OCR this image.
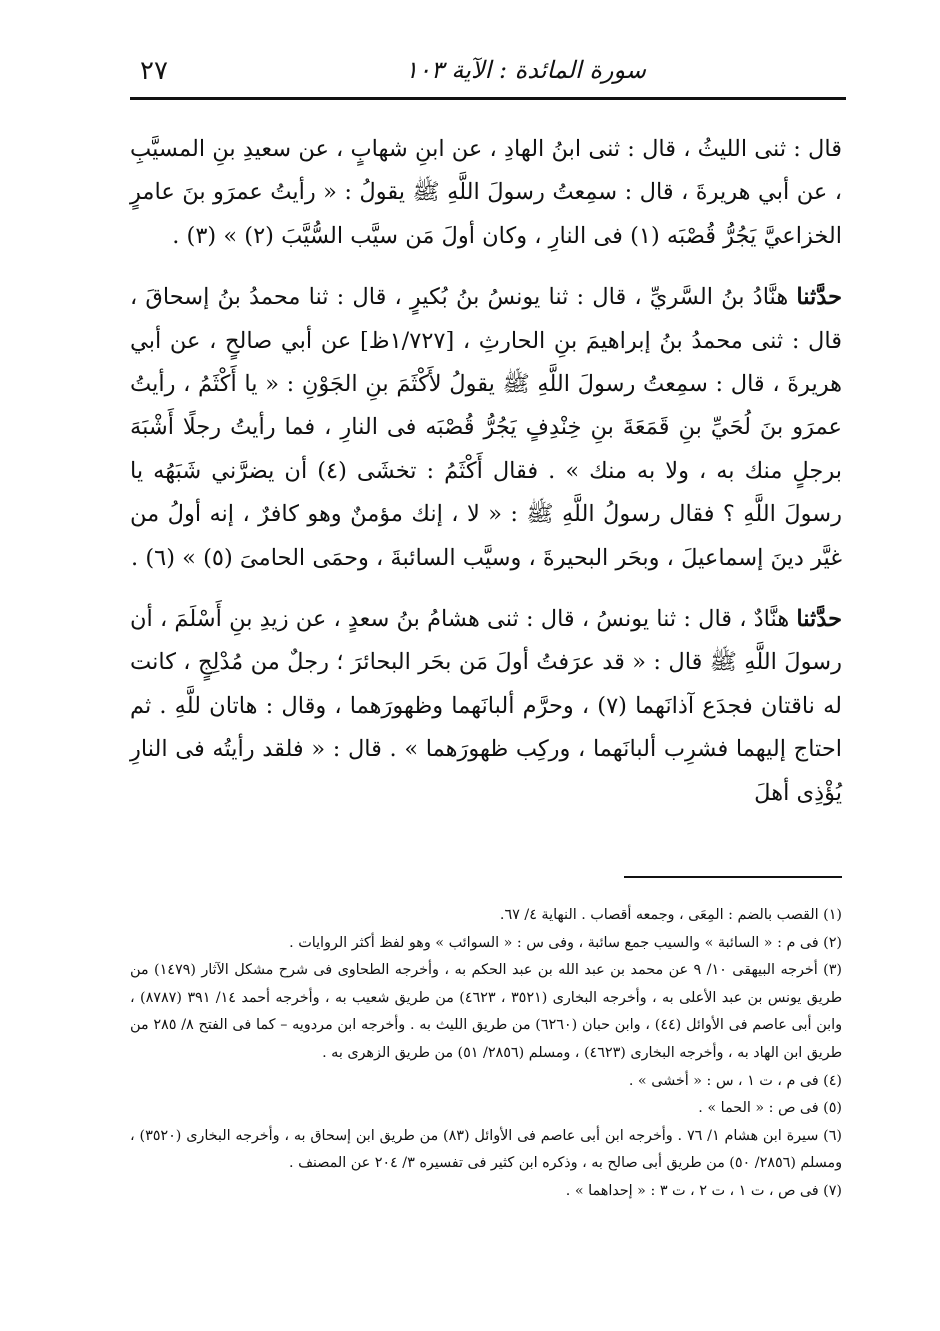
سورة المائدة : الآية ١٠٣
٢٧

قال : ثنى الليثُ ، قال : ثنى ابنُ الهادِ ، عن ابنِ شهابٍ ، عن سعيدِ بنِ المسيَّبِ ، عن أبي هريرةَ ، قال : سمِعتُ رسولَ اللَّهِ ﷺ يقولُ : « رأيتُ عمرَو بنَ عامرٍ الخزاعيَّ يَجُرُّ قُصْبَه (١) فى النارِ ، وكان أولَ مَن سيَّب السُّيَّبَ (٢) » (٣) .

حدَّثنا هنَّادُ بنُ السَّريِّ ، قال : ثنا يونسُ بنُ بُكيرٍ ، قال : ثنا محمدُ بنُ إسحاقَ ، قال : ثنى محمدُ بنُ إبراهيمَ بنِ الحارثِ ، [١/٧٢٧ظ] عن أبي صالحٍ ، عن أبي هريرةَ ، قال : سمِعتُ رسولَ اللَّهِ ﷺ يقولُ لأَكْثَمَ بنِ الجَوْنِ : « يا أَكْثَمُ ، رأيتُ عمرَو بنَ لُحَيِّ بنِ قَمَعَةَ بنِ خِنْدِفٍ يَجُرُّ قُصْبَه فى النارِ ، فما رأيتُ رجلًا أَشْبَهَ برجلٍ منك به ، ولا به منك » . فقال أَكْثَمُ : تخشَى (٤) أن يضرَّني شَبَهُه يا رسولَ اللَّهِ ؟ فقال رسولُ اللَّهِ ﷺ : « لا ، إنك مؤمنٌ وهو كافرٌ ، إنه أولُ من غيَّر دينَ إسماعيلَ ، وبحَر البحيرةَ ، وسيَّب السائبةَ ، وحمَى الحامىَ (٥) » (٦) .

حدَّثنا هنَّادٌ ، قال : ثنا يونسُ ، قال : ثنى هشامُ بنُ سعدٍ ، عن زيدِ بنِ أَسْلَمَ ، أن رسولَ اللَّهِ ﷺ قال : « قد عرَفتُ أولَ مَن بحَر البحائرَ ؛ رجلٌ من مُدْلِجٍ ، كانت له ناقتان فجدَع آذانَهما (٧) ، وحرَّم ألبانَهما وظهورَهما ، وقال : هاتان للَّهِ . ثم احتاج إليهما فشرِب ألبانَهما ، وركِب ظهورَهما » . قال : « فلقد رأيتُه فى النارِ يُؤْذِى أهلَ

(١) القصب بالضم : المِعَى ، وجمعه أقصاب . النهاية ٤/ ٦٧.

(٢) فى م : « السائبة » والسيب جمع سائبة ، وفى س : « السوائب » وهو لفظ أكثر الروايات .

(٣) أخرجه البيهقى ١٠/ ٩ عن محمد بن عبد الله بن عبد الحكم به ، وأخرجه الطحاوى فى شرح مشكل الآثار (١٤٧٩) من طريق يونس بن عبد الأعلى به ، وأخرجه البخارى (٣٥٢١ ، ٤٦٢٣) من طريق شعيب به ، وأخرجه أحمد ١٤/ ٣٩١ (٨٧٨٧) ، وابن أبى عاصم فى الأوائل (٤٤) ، وابن حبان (٦٢٦٠) من طريق الليث به . وأخرجه ابن مردويه – كما فى الفتح ٨/ ٢٨٥ من طريق ابن الهاد به ، وأخرجه البخارى (٤٦٢٣) ، ومسلم (٢٨٥٦/ ٥١) من طريق الزهرى به .

(٤) فى م ، ت ١ ، س : « أخشى » .

(٥) فى ص : « الحما » .

(٦) سيرة ابن هشام ١/ ٧٦ . وأخرجه ابن أبى عاصم فى الأوائل (٨٣) من طريق ابن إسحاق به ، وأخرجه البخارى (٣٥٢٠) ، ومسلم (٢٨٥٦/ ٥٠) من طريق أبى صالح به ، وذكره ابن كثير فى تفسيره ٣/ ٢٠٤ عن المصنف .

(٧) فى ص ، ت ١ ، ت ٢ ، ت ٣ : « إحداهما » .
